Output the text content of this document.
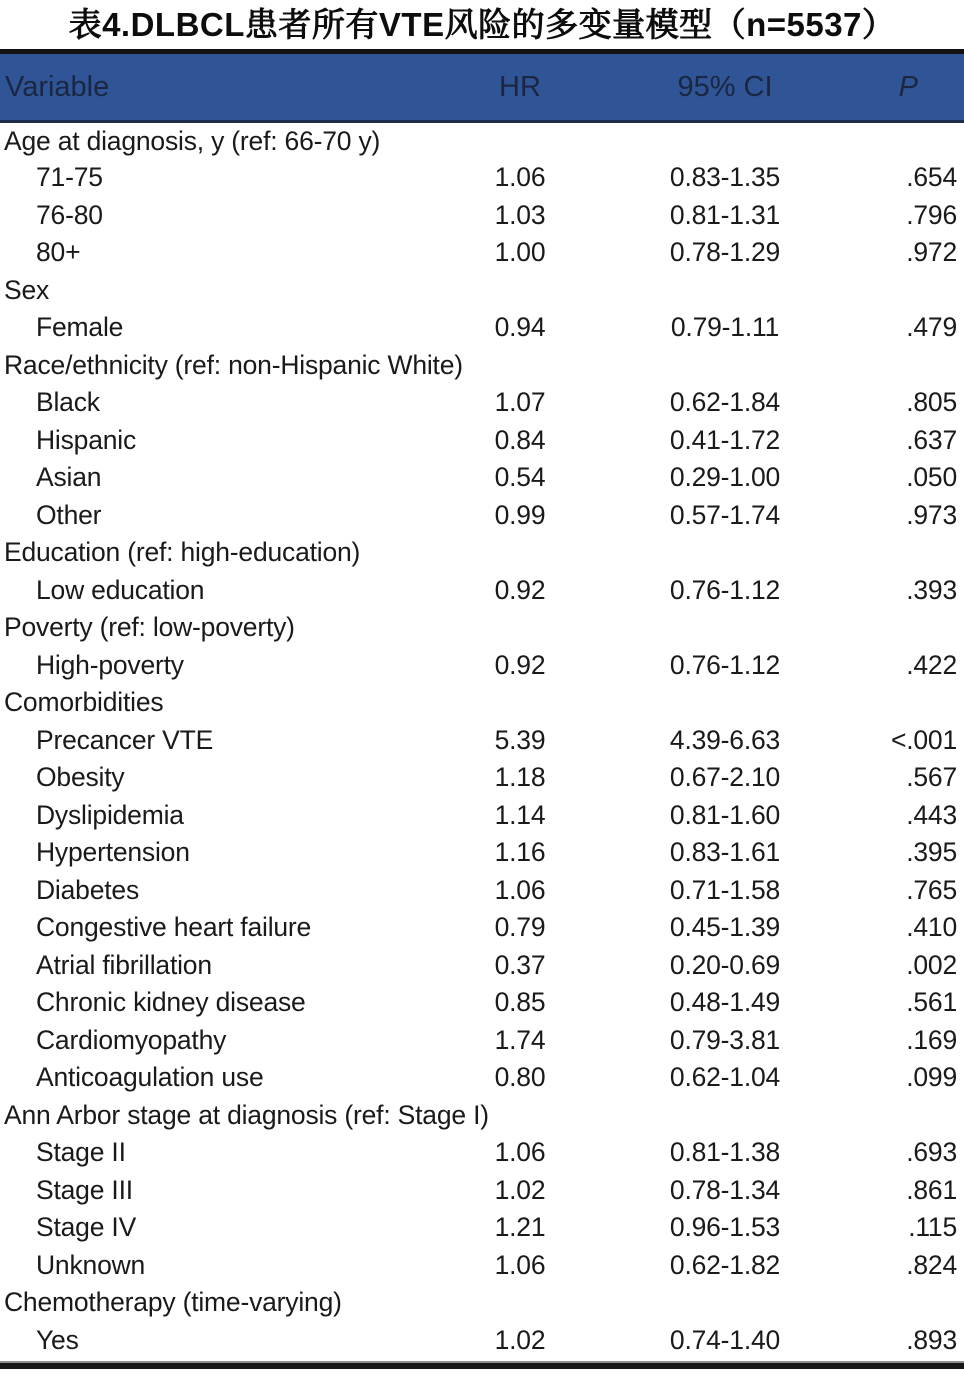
表4.DLBCL患者所有VTE风险的多变量模型（n=5537）
Variable	HR	95% CI	P
Age at diagnosis, y (ref: 66-70 y)			
71-75	1.06	0.83-1.35	.654
76-80	1.03	0.81-1.31	.796
80+	1.00	0.78-1.29	.972
Sex			
Female	0.94	0.79-1.11	.479
Race/ethnicity (ref: non-Hispanic White)			
Black	1.07	0.62-1.84	.805
Hispanic	0.84	0.41-1.72	.637
Asian	0.54	0.29-1.00	.050
Other	0.99	0.57-1.74	.973
Education (ref: high-education)			
Low education	0.92	0.76-1.12	.393
Poverty (ref: low-poverty)			
High-poverty	0.92	0.76-1.12	.422
Comorbidities			
Precancer VTE	5.39	4.39-6.63	<.001
Obesity	1.18	0.67-2.10	.567
Dyslipidemia	1.14	0.81-1.60	.443
Hypertension	1.16	0.83-1.61	.395
Diabetes	1.06	0.71-1.58	.765
Congestive heart failure	0.79	0.45-1.39	.410
Atrial fibrillation	0.37	0.20-0.69	.002
Chronic kidney disease	0.85	0.48-1.49	.561
Cardiomyopathy	1.74	0.79-3.81	.169
Anticoagulation use	0.80	0.62-1.04	.099
Ann Arbor stage at diagnosis (ref: Stage I)			
Stage II	1.06	0.81-1.38	.693
Stage III	1.02	0.78-1.34	.861
Stage IV	1.21	0.96-1.53	.115
Unknown	1.06	0.62-1.82	.824
Chemotherapy (time-varying)			
Yes	1.02	0.74-1.40	.893
